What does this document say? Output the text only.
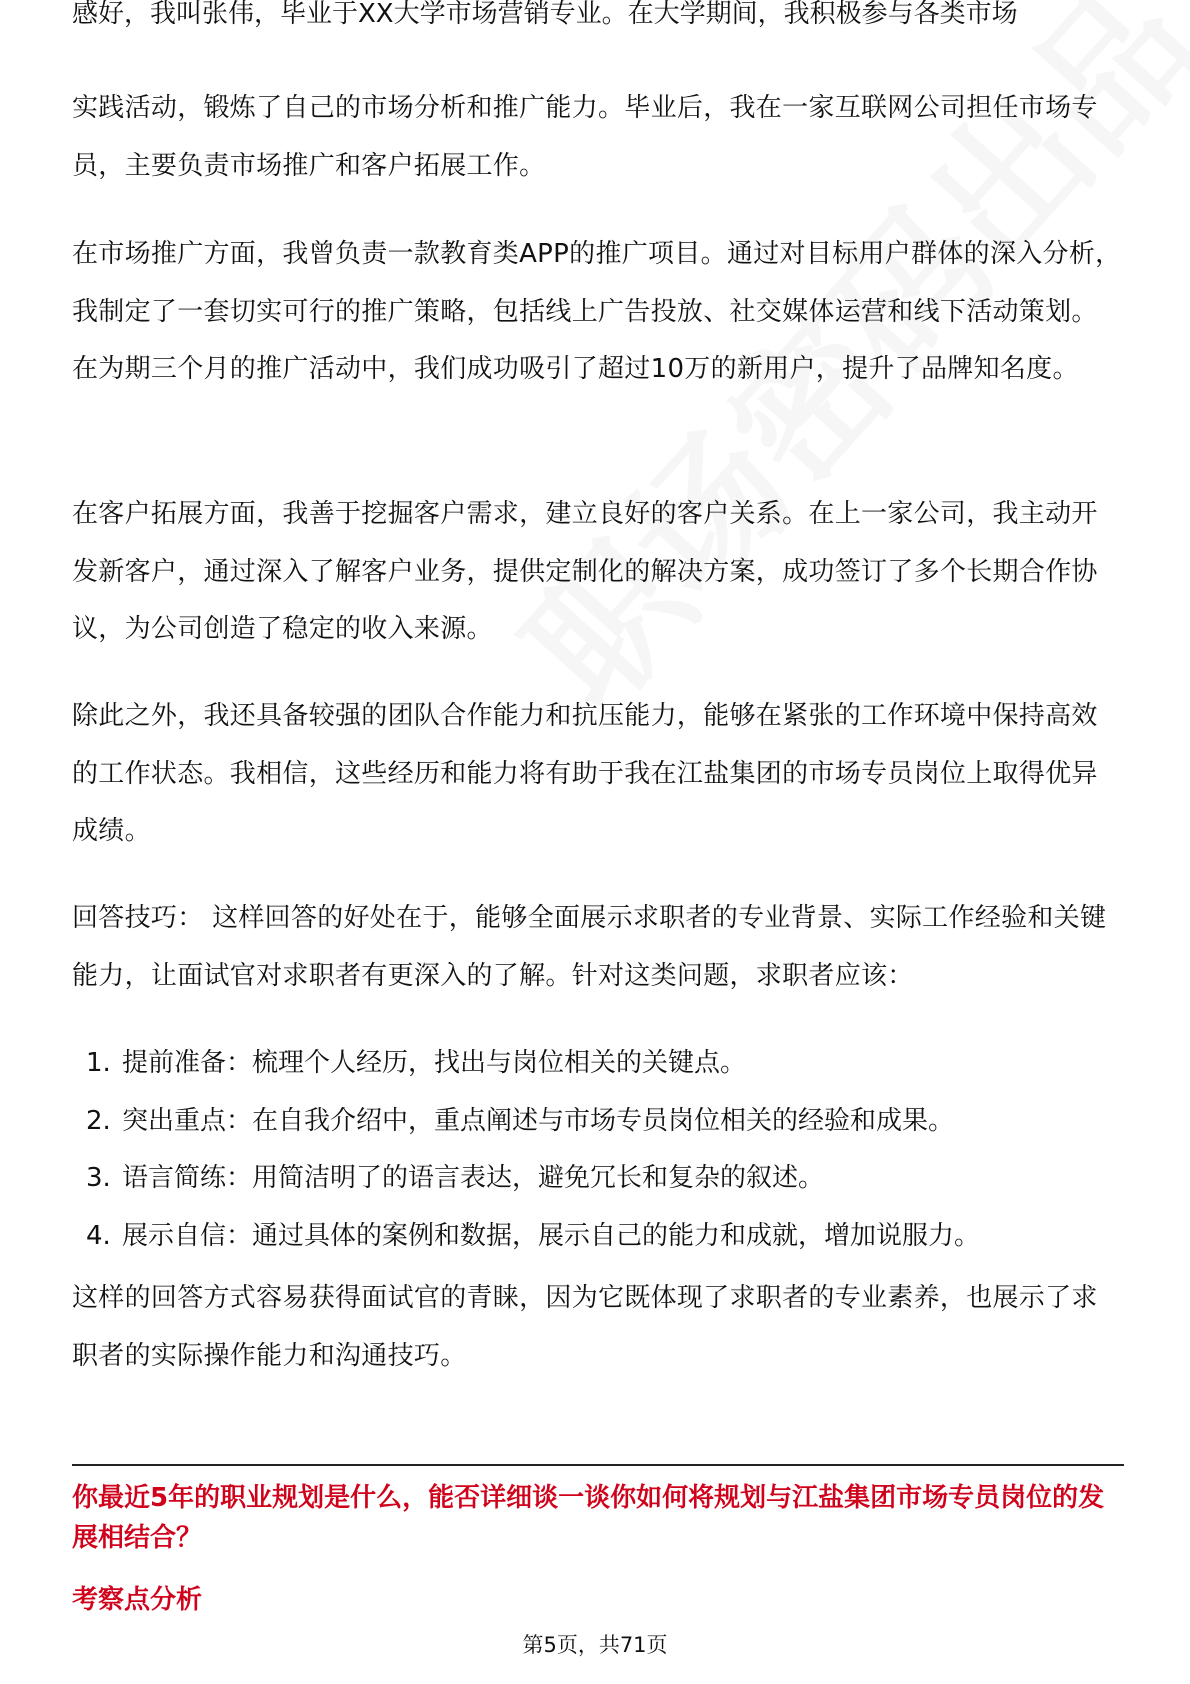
感好，我叫张伟，毕业于XX大学市场营销专业。在大学期间，我积极参与各类市场

实践活动，锻炼了自己的市场分析和推广能力。毕业后，我在一家互联网公司担任市场专员，主要负责市场推广和客户拓展工作。

在市场推广方面，我曾负责一款教育类APP的推广项目。通过对目标用户群体的深入分析，我制定了一套切实可行的推广策略，包括线上广告投放、社交媒体运营和线下活动策划。在为期三个月的推广活动中，我们成功吸引了超过10万的新用户，提升了品牌知名度。

在客户拓展方面，我善于挖掘客户需求，建立良好的客户关系。在上一家公司，我主动开发新客户，通过深入了解客户业务，提供定制化的解决方案，成功签订了多个长期合作协议，为公司创造了稳定的收入来源。

除此之外，我还具备较强的团队合作能力和抗压能力，能够在紧张的工作环境中保持高效的工作状态。我相信，这些经历和能力将有助于我在江盐集团的市场专员岗位上取得优异成绩。

回答技巧： 这样回答的好处在于，能够全面展示求职者的专业背景、实际工作经验和关键能力，让面试官对求职者有更深入的了解。针对这类问题，求职者应该：

1. 提前准备：梳理个人经历，找出与岗位相关的关键点。
2. 突出重点：在自我介绍中，重点阐述与市场专员岗位相关的经验和成果。
3. 语言简练：用简洁明了的语言表达，避免冗长和复杂的叙述。
4. 展示自信：通过具体的案例和数据，展示自己的能力和成就，增加说服力。

这样的回答方式容易获得面试官的青睐，因为它既体现了求职者的专业素养，也展示了求职者的实际操作能力和沟通技巧。

你最近5年的职业规划是什么，能否详细谈一谈你如何将规划与江盐集团市场专员岗位的发展相结合？
考察点分析
第5页，共71页
